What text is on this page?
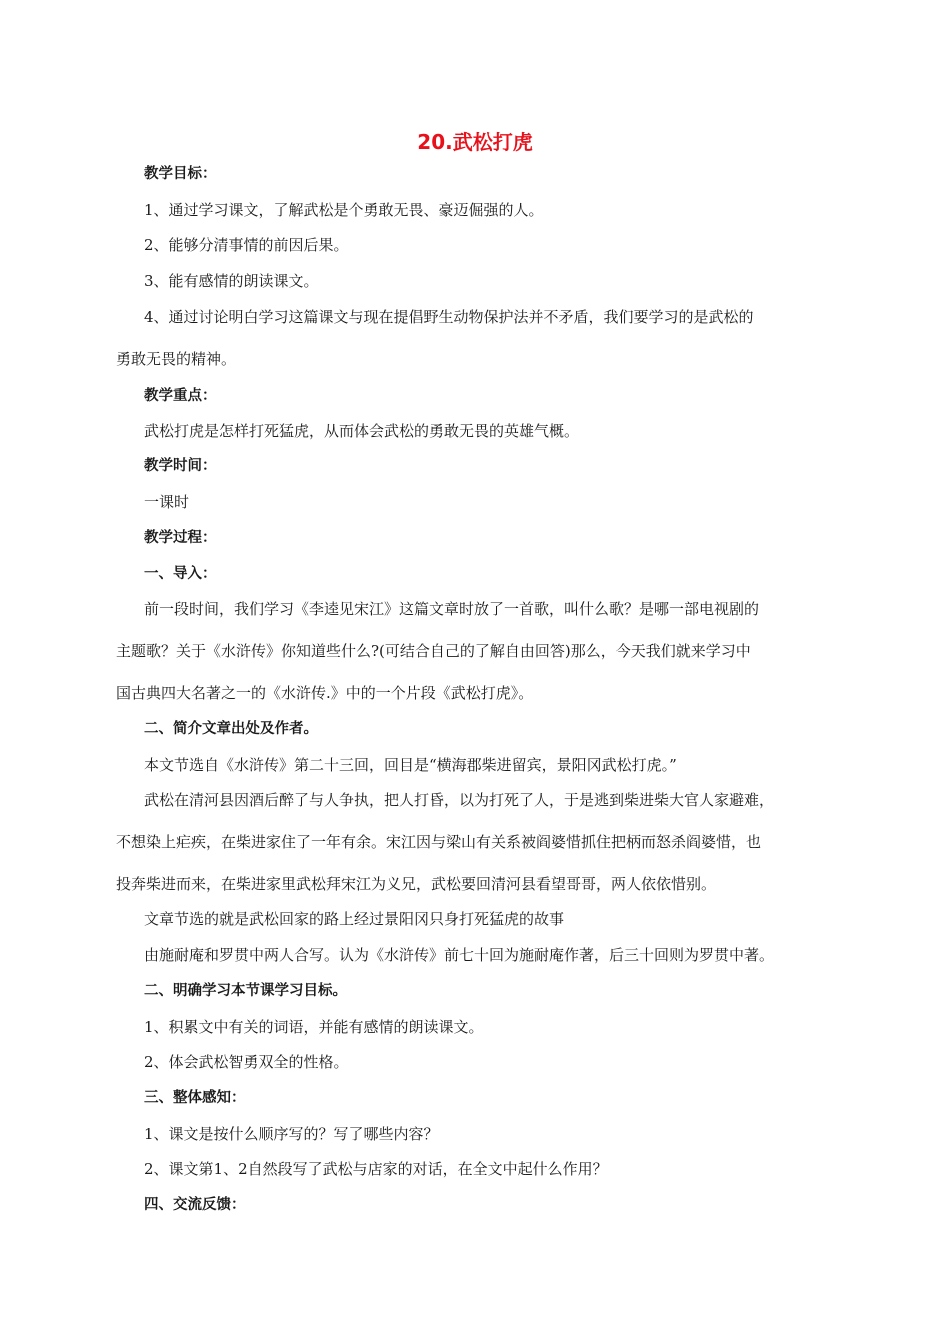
20.武松打虎
教学目标：
1、通过学习课文，了解武松是个勇敢无畏、豪迈倔强的人。
2、能够分清事情的前因后果。
3、能有感情的朗读课文。
4、通过讨论明白学习这篇课文与现在提倡野生动物保护法并不矛盾，我们要学习的是武松的
勇敢无畏的精神。
教学重点：
武松打虎是怎样打死猛虎，从而体会武松的勇敢无畏的英雄气概。
教学时间：
一课时
教学过程：
一、导入：
前一段时间，我们学习《李逵见宋江》这篇文章时放了一首歌，叫什么歌？是哪一部电视剧的
主题歌？关于《水浒传》你知道些什么?(可结合自己的了解自由回答)那么，今天我们就来学习中
国古典四大名著之一的《水浒传.》中的一个片段《武松打虎》。
二、简介文章出处及作者。
本文节选自《水浒传》第二十三回，回目是“横海郡柴进留宾，景阳冈武松打虎。”
武松在清河县因酒后醉了与人争执，把人打昏，以为打死了人，于是逃到柴进柴大官人家避难，
不想染上疟疾，在柴进家住了一年有余。宋江因与梁山有关系被阎婆惜抓住把柄而怒杀阎婆惜，也
投奔柴进而来，在柴进家里武松拜宋江为义兄，武松要回清河县看望哥哥，两人依依惜别。
文章节选的就是武松回家的路上经过景阳冈只身打死猛虎的故事
由施耐庵和罗贯中两人合写。认为《水浒传》前七十回为施耐庵作著，后三十回则为罗贯中著。
二、明确学习本节课学习目标。
1、积累文中有关的词语，并能有感情的朗读课文。
2、体会武松智勇双全的性格。
三、整体感知：
1、课文是按什么顺序写的？写了哪些内容？
2、课文第1、2自然段写了武松与店家的对话，在全文中起什么作用？
四、交流反馈：
